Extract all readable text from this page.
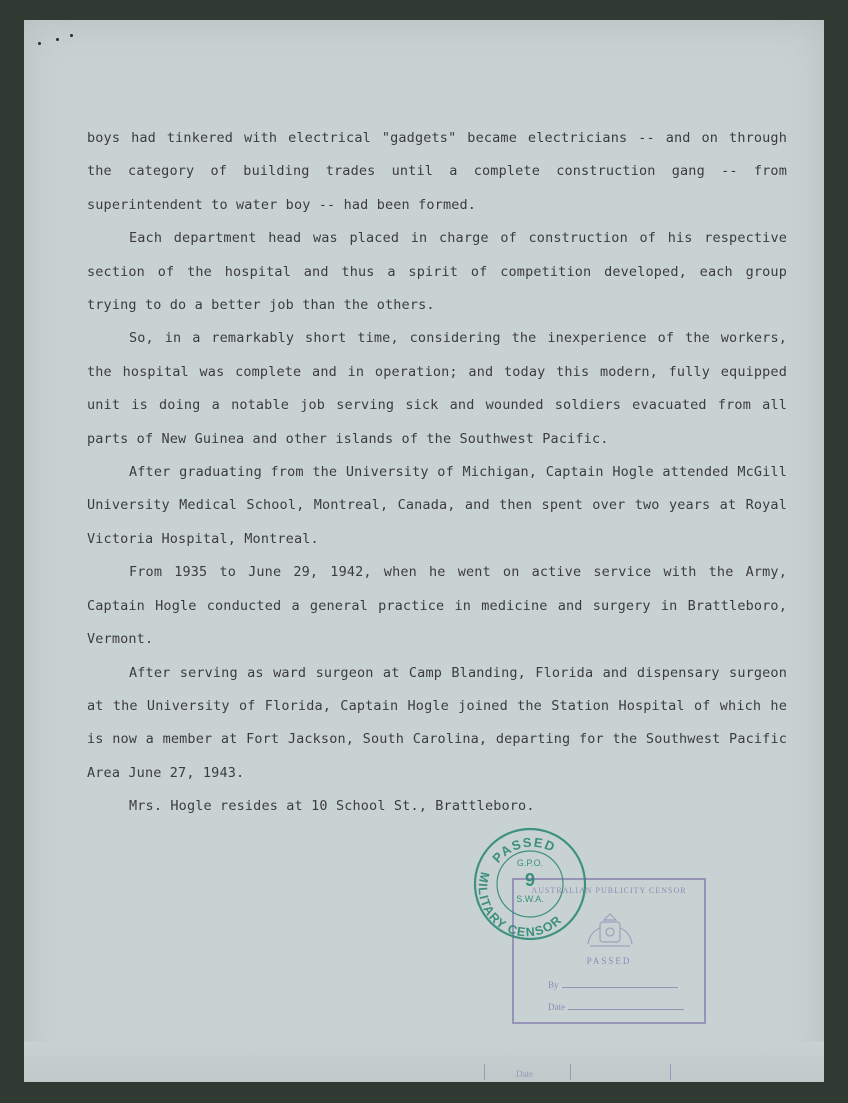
boys had tinkered with electrical "gadgets" became electricians -- and on through the category of building trades until a complete construction gang -- from superintendent to water boy -- had been formed.

Each department head was placed in charge of construction of his respective section of the hospital and thus a spirit of competition developed, each group trying to do a better job than the others.

So, in a remarkably short time, considering the inexperience of the workers, the hospital was complete and in operation; and today this modern, fully equipped unit is doing a notable job serving sick and wounded soldiers evacuated from all parts of New Guinea and other islands of the Southwest Pacific.

After graduating from the University of Michigan, Captain Hogle attended McGill University Medical School, Montreal, Canada, and then spent over two years at Royal Victoria Hospital, Montreal.

From 1935 to June 29, 1942, when he went on active service with the Army, Captain Hogle conducted a general practice in medicine and surgery in Brattleboro, Vermont.

After serving as ward surgeon at Camp Blanding, Florida and dispensary surgeon at the University of Florida, Captain Hogle joined the Station Hospital of which he is now a member at Fort Jackson, South Carolina, departing for the Southwest Pacific Area June 27, 1943.

Mrs. Hogle resides at 10 School St., Brattleboro.

AUSTRALIAN PUBLICITY CENSOR
PASSED
By
Date
PASSED
MILITARY CENSOR
G.P.O.
9
S.W.A.
Date
